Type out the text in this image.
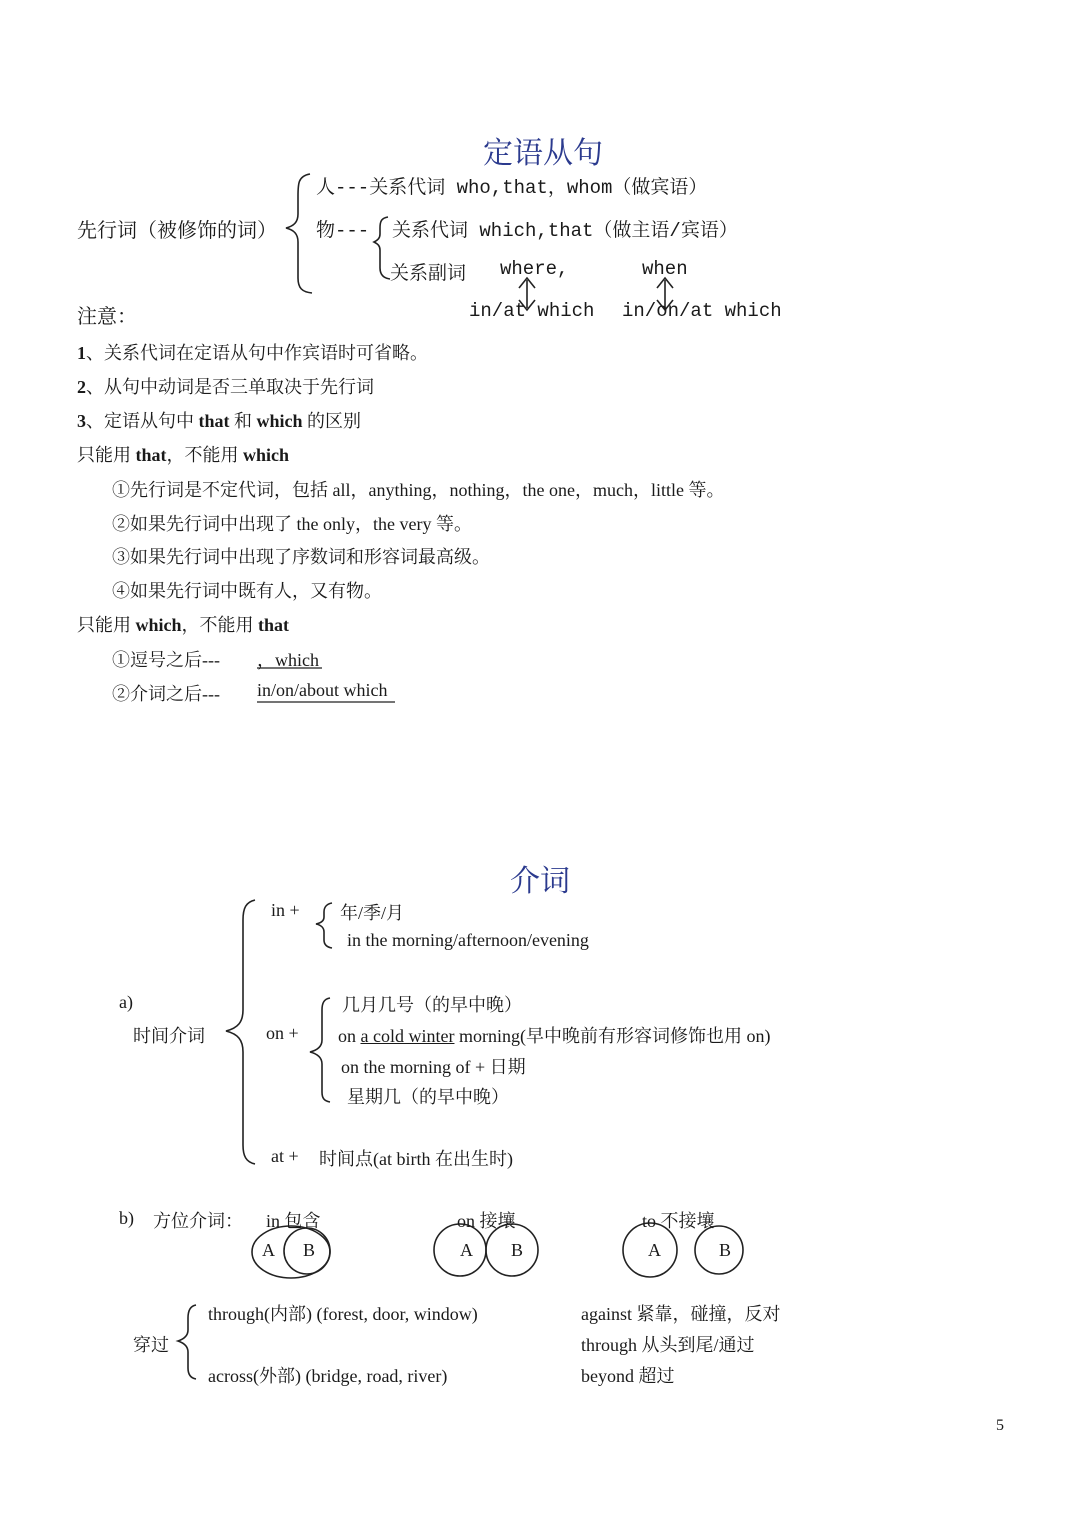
定语从句
先行词（被修饰的词）
人---关系代词 who,that，whom（做宾语）
物--- 关系代词 which,that（做主语/宾语）
关系副词 where,	when
注意：	in/at which in/on/at which
1、关系代词在定语从句中作宾语时可省略。
2、从句中动词是否三单取决于先行词
3、定语从句中 that 和 which 的区别
只能用 that，不能用 which
①先行词是不定代词，包括 all，anything，nothing，the one，much，little 等。
②如果先行词中出现了 the only，the very 等。
③如果先行词中出现了序数词和形容词最高级。
④如果先行词中既有人，又有物。
只能用 which，不能用 that
①逗号之后--- ，which
②介词之后--- in/on/about which
介词
a)
时间介词
in + 年/季/月
in the morning/afternoon/evening
on +
几月几号（的早中晚）
on a cold winter morning(早中晚前有形容词修饰也用 on)
on the morning of + 日期
星期几（的早中晚）
at + 时间点(at birth 在出生时)
b) 方位介词： in 包含	on 接壤	to 不接壤
A B	A B	A	B
穿过
through(内部) (forest, door, window)
across(外部) (bridge, road, river)
against 紧靠，碰撞，反对
through 从头到尾/通过
beyond 超过
5
